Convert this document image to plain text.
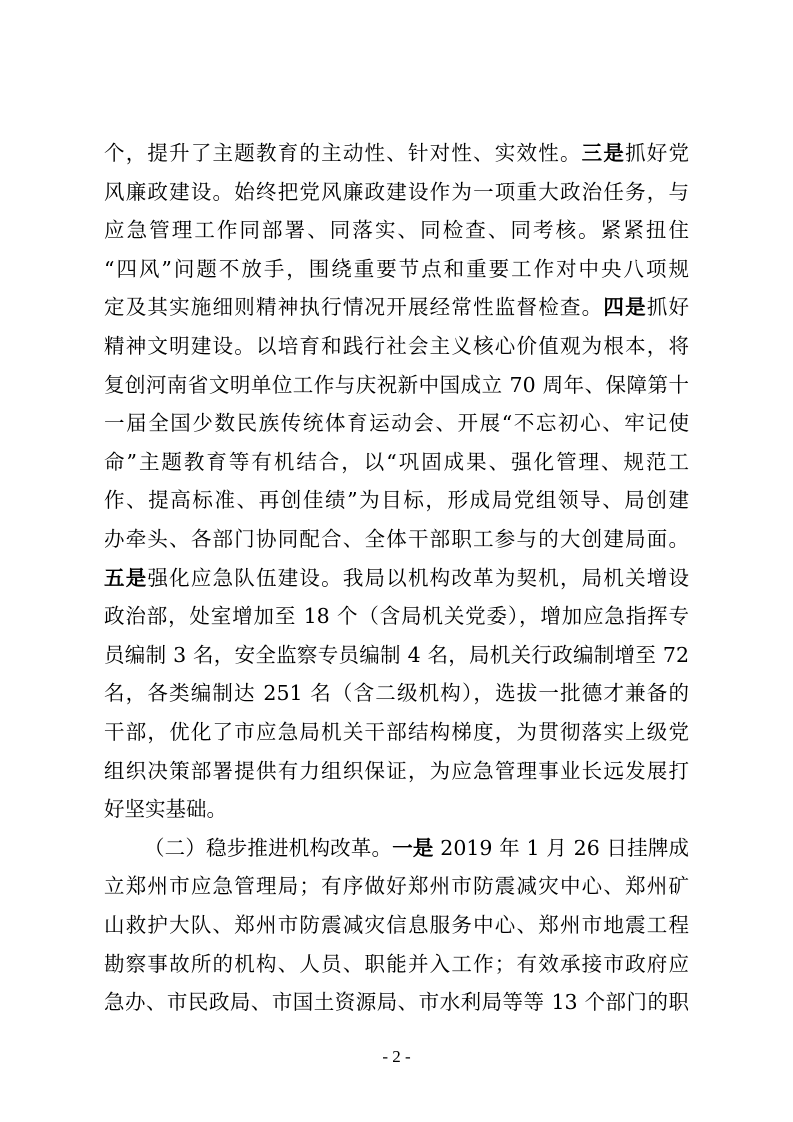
个，提升了主题教育的主动性、针对性、实效性。三是抓好党
风廉政建设。始终把党风廉政建设作为一项重大政治任务，与
应急管理工作同部署、同落实、同检查、同考核。紧紧扭住
“四风”问题不放手，围绕重要节点和重要工作对中央八项规
定及其实施细则精神执行情况开展经常性监督检查。四是抓好
精神文明建设。以培育和践行社会主义核心价值观为根本，将
复创河南省文明单位工作与庆祝新中国成立 70 周年、保障第十
一届全国少数民族传统体育运动会、开展“不忘初心、牢记使
命”主题教育等有机结合，以“巩固成果、强化管理、规范工
作、提高标准、再创佳绩”为目标，形成局党组领导、局创建
办牵头、各部门协同配合、全体干部职工参与的大创建局面。
五是强化应急队伍建设。我局以机构改革为契机，局机关增设
政治部，处室增加至 18 个（含局机关党委），增加应急指挥专
员编制 3 名，安全监察专员编制 4 名，局机关行政编制增至 72
名，各类编制达 251 名（含二级机构），选拔一批德才兼备的
干部，优化了市应急局机关干部结构梯度，为贯彻落实上级党
组织决策部署提供有力组织保证，为应急管理事业长远发展打
好坚实基础。
（二）稳步推进机构改革。一是 2019 年 1 月 26 日挂牌成
立郑州市应急管理局；有序做好郑州市防震减灾中心、郑州矿
山救护大队、郑州市防震减灾信息服务中心、郑州市地震工程
勘察事故所的机构、人员、职能并入工作；有效承接市政府应
急办、市民政局、市国土资源局、市水利局等等 13 个部门的职
- 2 -
